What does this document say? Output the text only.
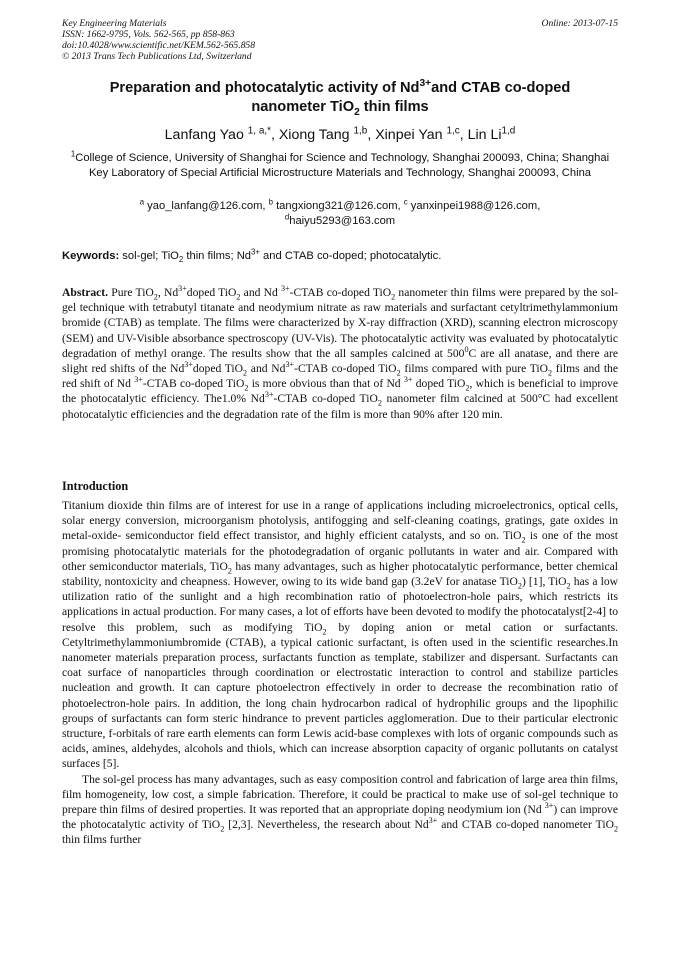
Key Engineering Materials
ISSN: 1662-9795, Vols. 562-565, pp 858-863
doi:10.4028/www.scientific.net/KEM.562-565.858
© 2013 Trans Tech Publications Ltd, Switzerland
Online: 2013-07-15
Preparation and photocatalytic activity of $Nd^{3+}and$ CTAB co-doped
nanometer TiO$_2$ thin films
Lanfang Yao $^{1, a,*}$, Xiong Tang $^{1,b}$, Xinpei Yan $^{1,c}$, Lin Li$^{1,d}$
$^1$College of Science, University of Shanghai for Science and Technology, Shanghai 200093, China; Shanghai Key Laboratory of Special Artificial Microstructure Materials and Technology, Shanghai 200093, China
$^a$ yao_lanfang@126.com, $^b$ tangxiong321@126.com, $^c$ yanxinpei1988@126.com,
$^d$haiyu5293@163.com
Keywords: sol-gel; TiO$_2$ thin films; $Nd^{3+}$ and CTAB co-doped; photocatalytic.
Abstract. Pure TiO$_2$, $Nd^{3+}doped$ TiO$_2$ and Nd $^{3+}$-CTAB co-doped TiO$_2$ nanometer thin films were prepared by the sol-gel technique with tetrabutyl titanate and neodymium nitrate as raw materials and surfactant cetyltrimethylammonium bromide (CTAB) as template. The films were characterized by X-ray diffraction (XRD), scanning electron microscopy (SEM) and UV-Visible absorbance spectroscopy (UV-Vis). The photocatalytic activity was evaluated by photocatalytic degradation of methyl orange. The results show that the all samples calcined at $500^0C$ are all anatase, and there are slight red shifts of the $Nd^{3+}doped$ TiO$_2$ and $Nd^{3+}$-CTAB co-doped TiO$_2$ films compared with pure TiO$_2$ films and the red shift of Nd $^{3+}$-CTAB co-doped TiO$_2$ is more obvious than that of Nd $^{3+}$ doped TiO$_2$, which is beneficial to improve the photocatalytic efficiency. The1.0% $Nd^{3+}$-CTAB co-doped TiO$_2$ nanometer film calcined at 500°C had excellent photocatalytic efficiencies and the degradation rate of the film is more than 90% after 120 min.
Introduction

Titanium dioxide thin films are of interest for use in a range of applications including microelectronics, optical cells, solar energy conversion, microorganism photolysis, antifogging and self-cleaning coatings, gratings, gate oxides in metal-oxide- semiconductor field effect transistor, and highly efficient catalysts, and so on. TiO$_2$ is one of the most promising photocatalytic materials for the photodegradation of organic pollutants in water and air. Compared with other semiconductor materials, TiO$_2$ has many advantages, such as higher photocatalytic performance, better chemical stability, nontoxicity and cheapness. However, owing to its wide band gap (3.2eV for anatase TiO$_2$) [1], TiO$_2$ has a low utilization ratio of the sunlight and a high recombination ratio of photoelectron-hole pairs, which restricts its applications in actual production. For many cases, a lot of efforts have been devoted to modify the photocatalyst[2-4] to resolve this problem, such as modifying TiO$_2$ by doping anion or metal cation or surfactants. Cetyltrimethylammoniumbromide (CTAB), a typical cationic surfactant, is often used in the scientific researches.In nanometer materials preparation process, surfactants function as template, stabilizer and dispersant. Surfactants can coat surface of nanoparticles through coordination or electrostatic interaction to control and stabilize particles nucleation and growth. It can capture photoelectron effectively in order to decrease the recombination ratio of photoelectron-hole pairs. In addition, the long chain hydrocarbon radical of hydrophilic groups and the lipophilic groups of surfactants can form steric hindrance to prevent particles agglomeration. Due to their particular electronic structure, f-orbitals of rare earth elements can form Lewis acid-base complexes with lots of organic compounds such as acids, amines, aldehydes, alcohols and thiols, which can increase absorption capacity of organic pollutants on catalyst surfaces [5].

The sol-gel process has many advantages, such as easy composition control and fabrication of large area thin films, film homogeneity, low cost, a simple fabrication. Therefore, it could be practical to make use of sol-gel technique to prepare thin films of desired properties. It was reported that an appropriate doping neodymium ion (Nd $^{3+}$) can improve the photocatalytic activity of TiO$_2$ [2,3]. Nevertheless, the research about $Nd^{3+}$ and CTAB co-doped nanometer TiO$_2$ thin films further
